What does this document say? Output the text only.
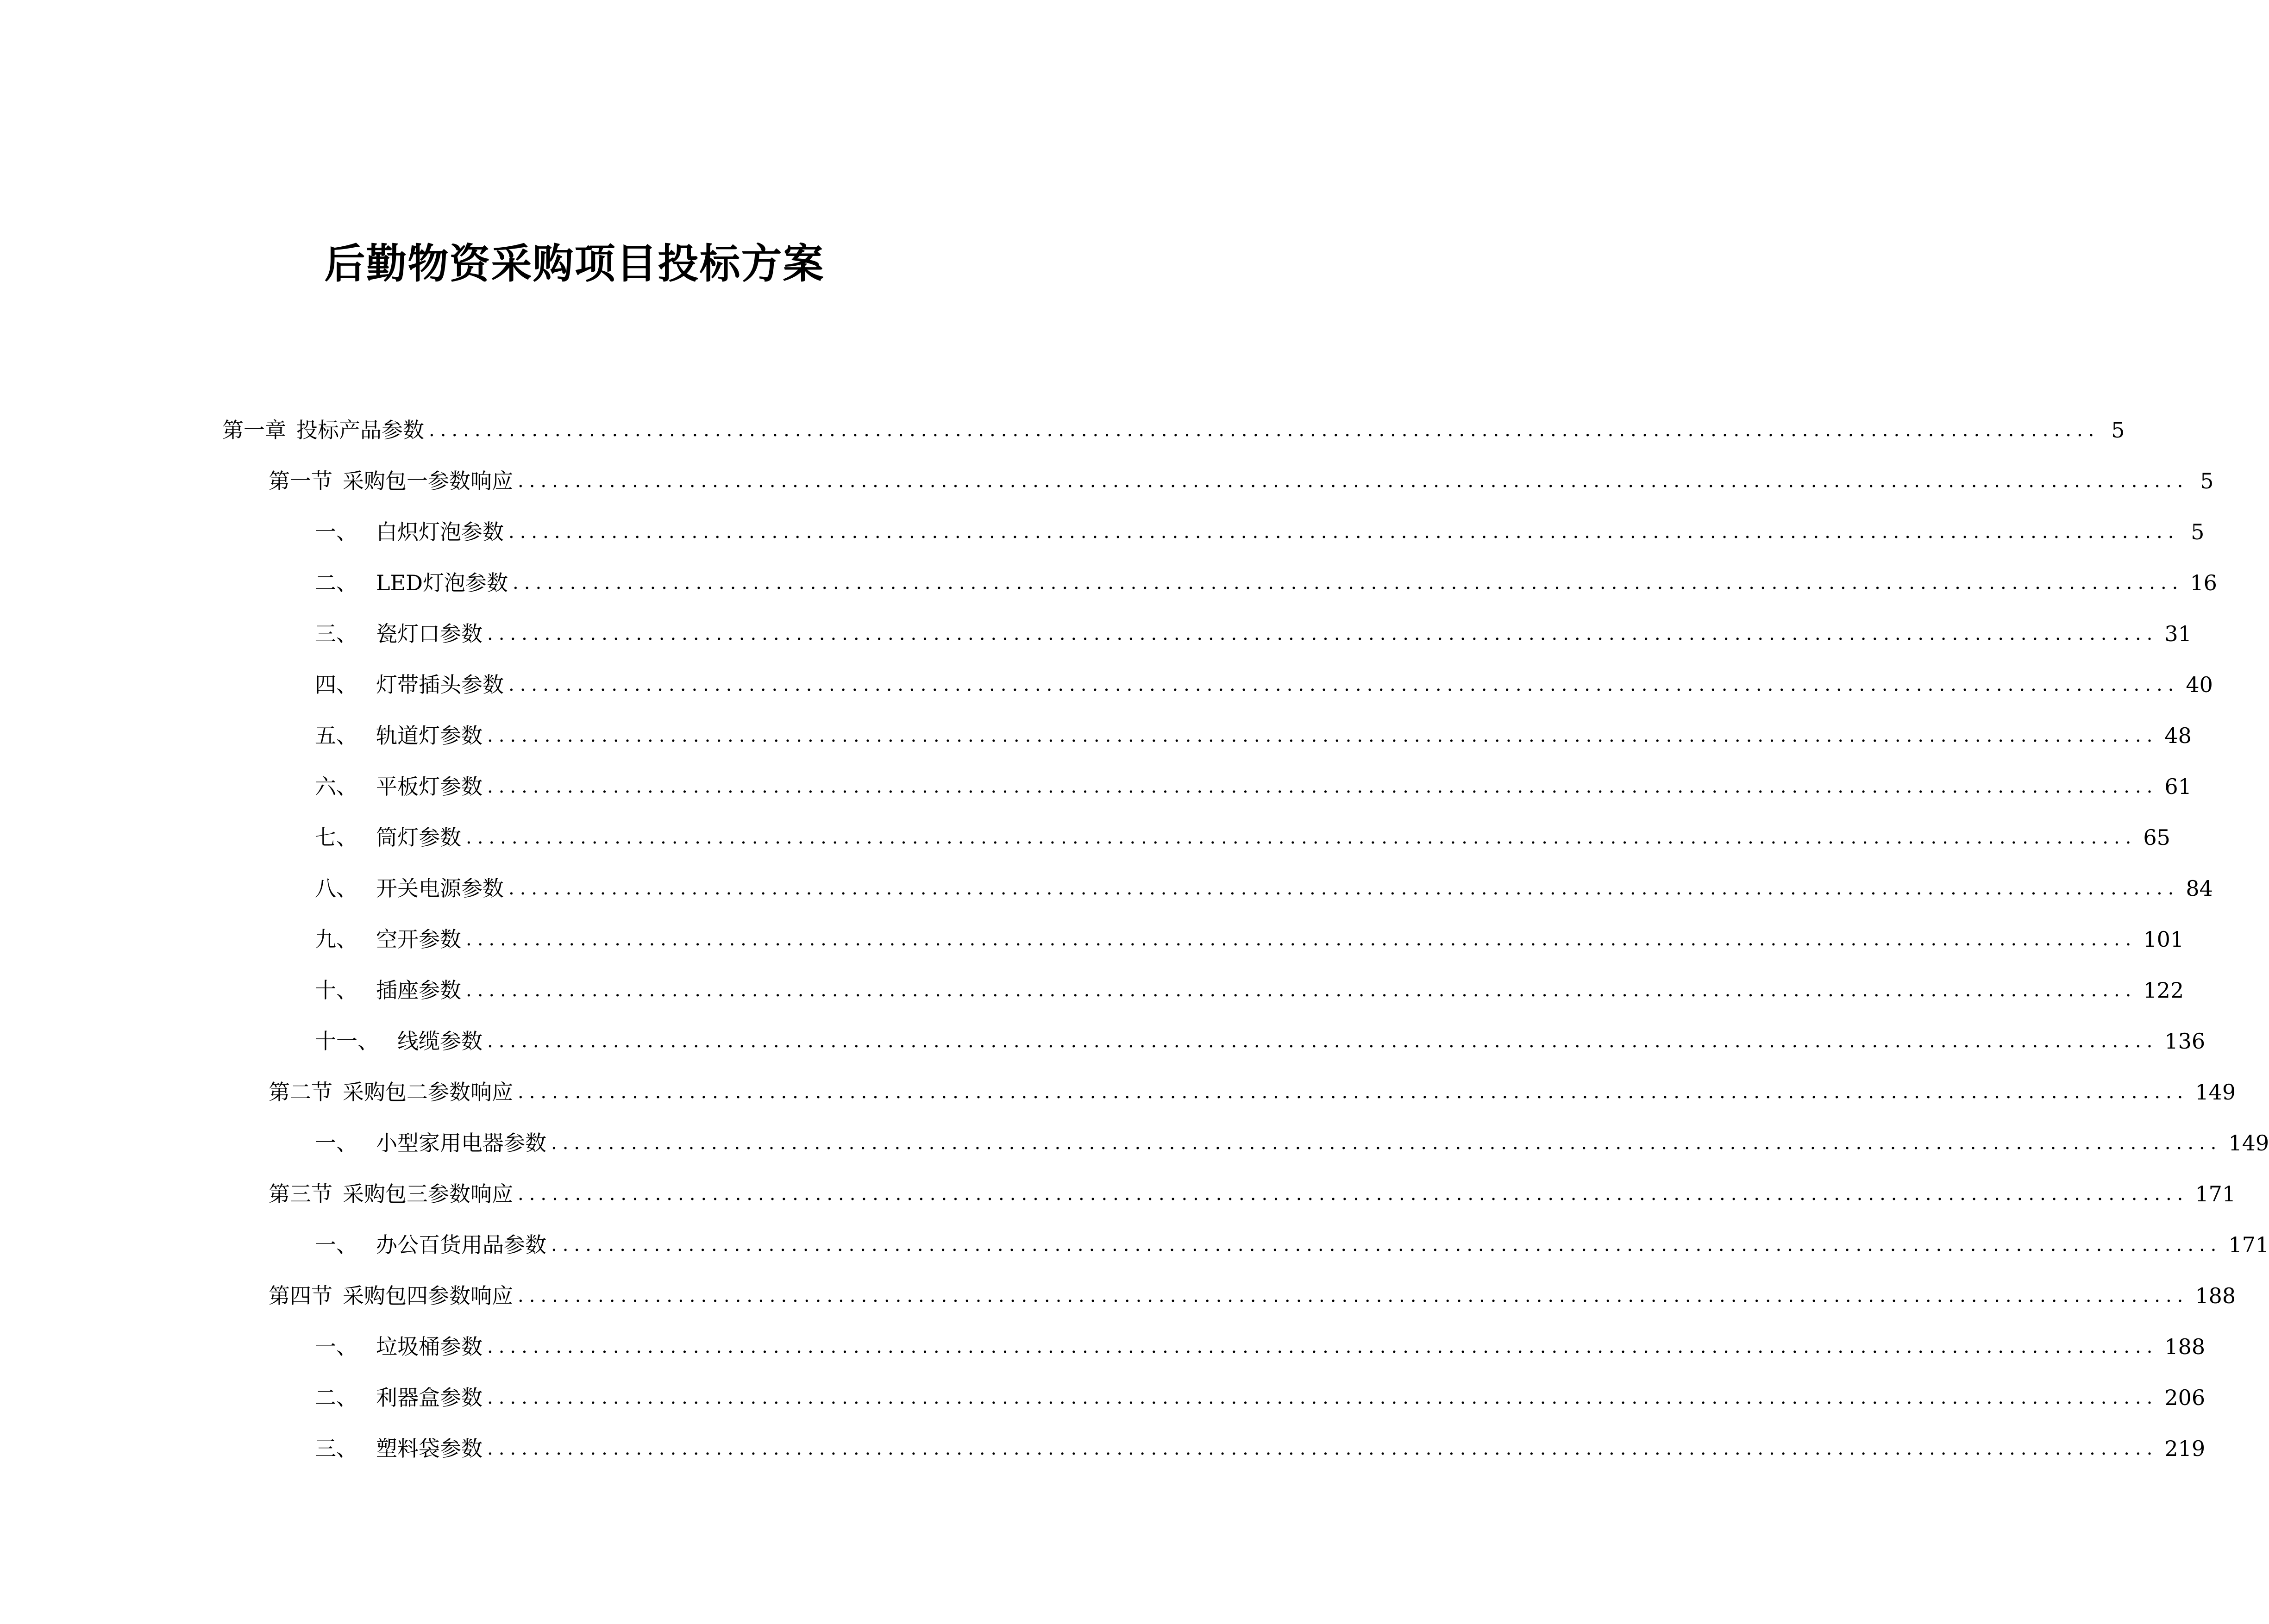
后勤物资采购项目投标方案
第一章 投标产品参数 .................................................................................................................................................. 5
第一节 采购包一参数响应 .................................................................................................................................................. 5
一、 白炽灯泡参数 .................................................................................................................................................. 5
二、 LED灯泡参数 .................................................................................................................................................. 16
三、 瓷灯口参数 .................................................................................................................................................. 31
四、 灯带插头参数 .................................................................................................................................................. 40
五、 轨道灯参数 .................................................................................................................................................. 48
六、 平板灯参数 .................................................................................................................................................. 61
七、 筒灯参数 .................................................................................................................................................. 65
八、 开关电源参数 .................................................................................................................................................. 84
九、 空开参数 .................................................................................................................................................. 101
十、 插座参数 .................................................................................................................................................. 122
十一、 线缆参数 .................................................................................................................................................. 136
第二节 采购包二参数响应 .................................................................................................................................................. 149
一、 小型家用电器参数 .................................................................................................................................................. 149
第三节 采购包三参数响应 .................................................................................................................................................. 171
一、 办公百货用品参数 .................................................................................................................................................. 171
第四节 采购包四参数响应 .................................................................................................................................................. 188
一、 垃圾桶参数 .................................................................................................................................................. 188
二、 利器盒参数 .................................................................................................................................................. 206
三、 塑料袋参数 .................................................................................................................................................. 219
